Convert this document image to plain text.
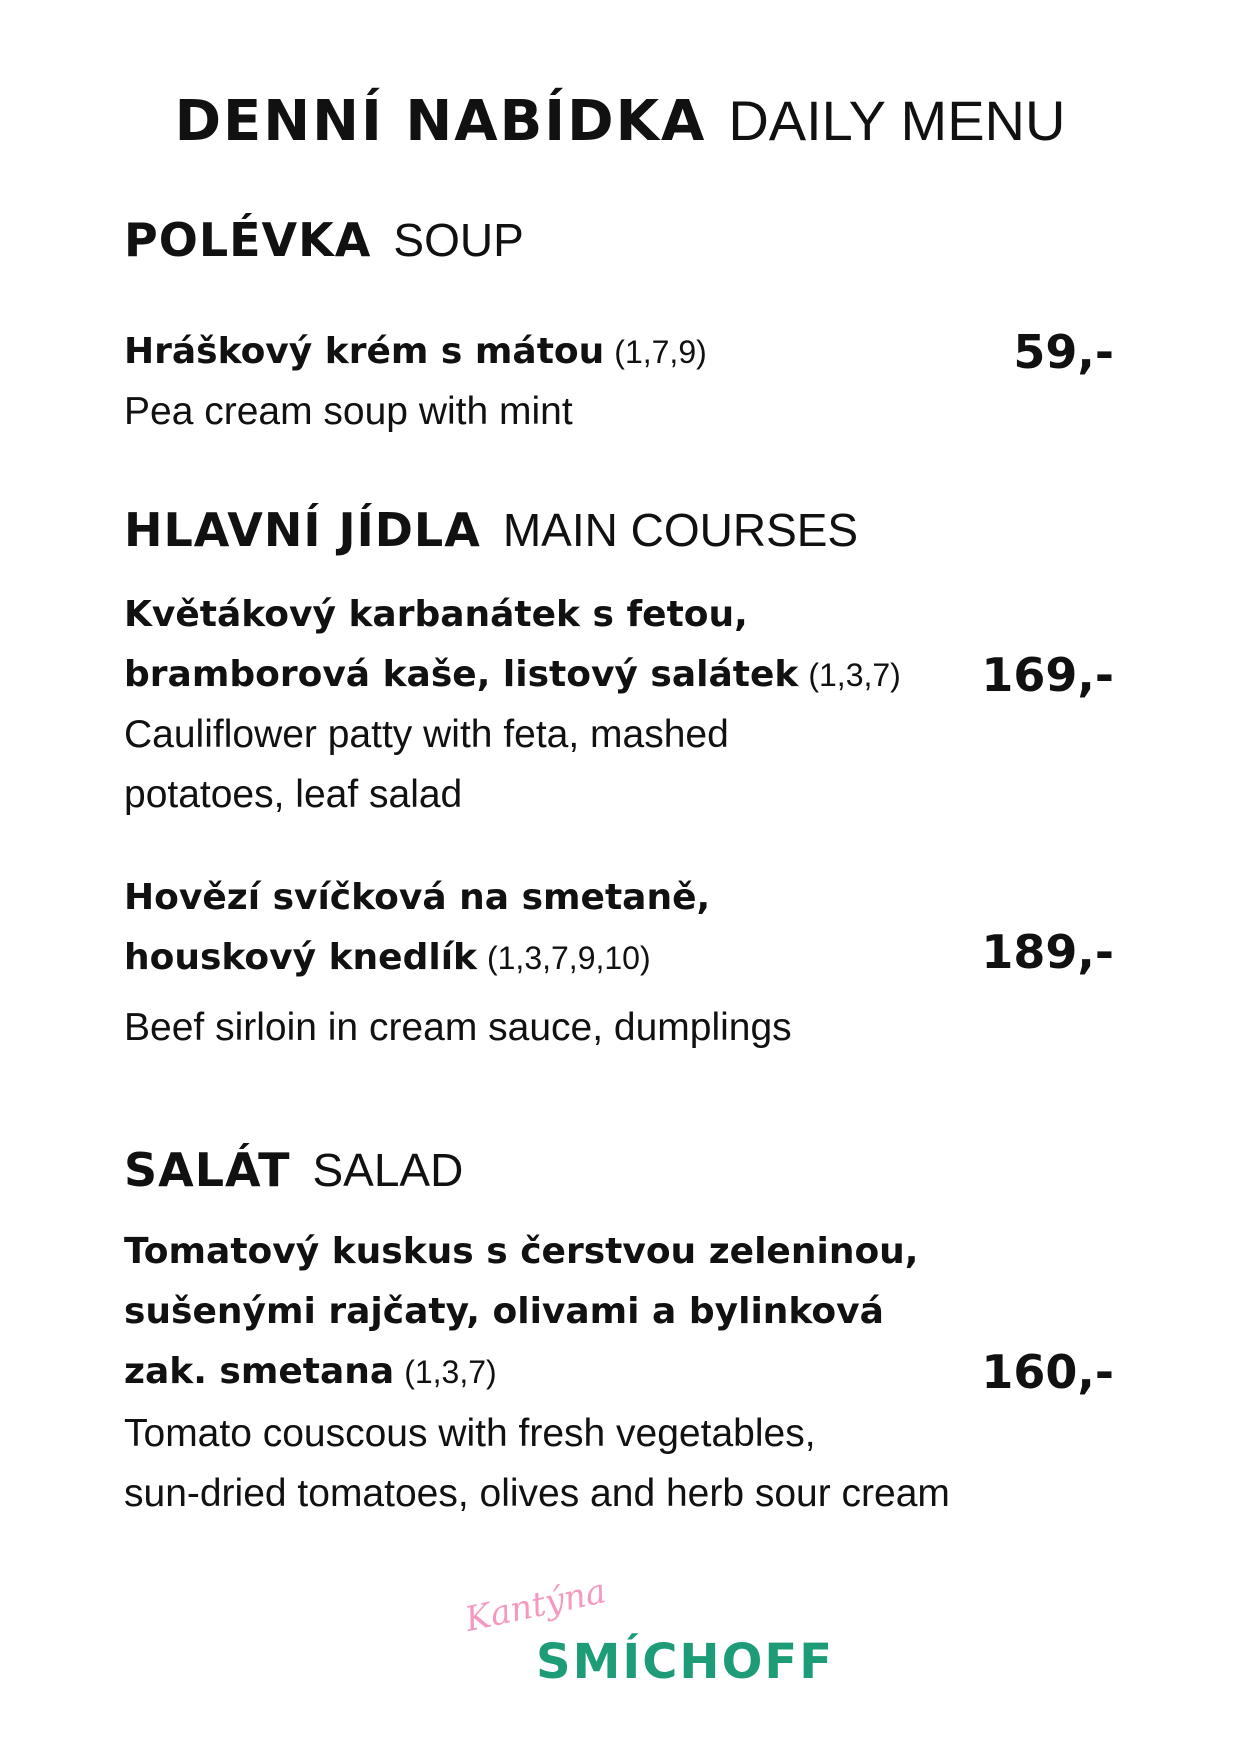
DENNÍ NABÍDKA DAILY MENU
POLÉVKA SOUP
Hráškový krém s mátou (1,7,9)	59,-
Pea cream soup with mint
HLAVNÍ JÍDLA MAIN COURSES
Květákový karbanátek s fetou,
bramborová kaše, listový salátek (1,3,7) 169,-
Cauliflower patty with feta, mashed
potatoes, leaf salad
Hovězí svíčková na smetaně,
houskový knedlík (1,3,7,9,10)	189,-
Beef sirloin in cream sauce, dumplings
SALÁT SALAD
Tomatový kuskus s čerstvou zeleninou,
sušenými rajčaty, olivami a bylinková
zak. smetana (1,3,7)	160,-
Tomato couscous with fresh vegetables,
sun-dried tomatoes, olives and herb sour cream
Kantýna
SMÍCHOFF
